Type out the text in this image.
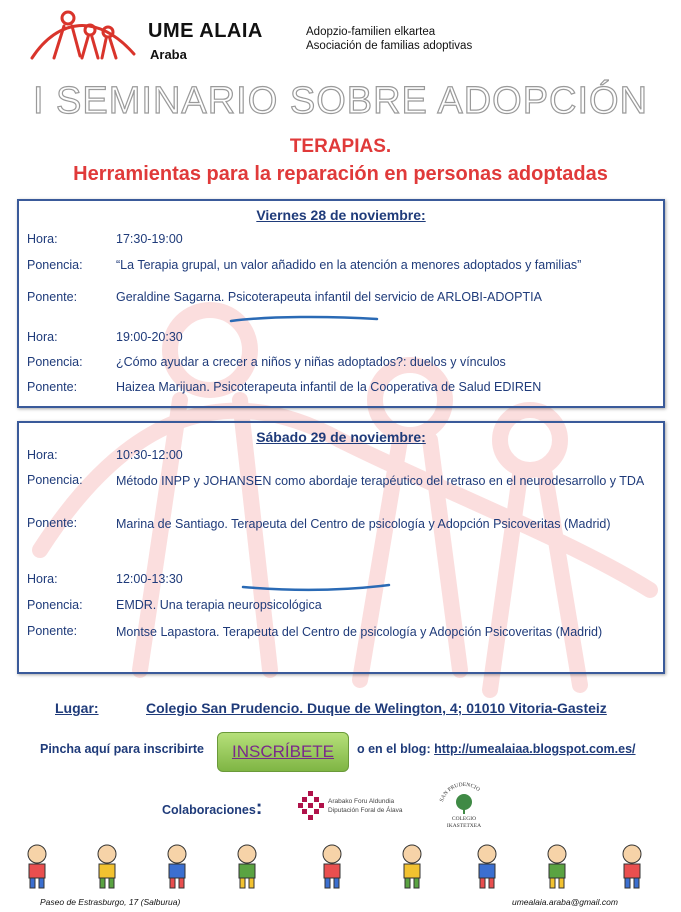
UME ALAIA
Araba
Adopzio-familien elkartea
Asociación de familias adoptivas
I SEMINARIO SOBRE ADOPCIÓN
TERAPIAS.
Herramientas para la reparación en personas adoptadas
Viernes 28 de noviembre:
Hora:	17:30-19:00
Ponencia:	“La Terapia grupal, un valor añadido en la atención a menores adoptados y familias”
Ponente:	Geraldine Sagarna. Psicoterapeuta infantil del servicio de ARLOBI-ADOPTIA
Hora:	19:00-20:30
Ponencia:	¿Cómo ayudar a crecer a niños y niñas adoptados?: duelos y vínculos
Ponente:	Haizea Marijuan. Psicoterapeuta infantil de la Cooperativa de Salud EDIREN
Sábado 29 de noviembre:
Hora:	10:30-12:00
Ponencia:	Método INPP y JOHANSEN como abordaje terapéutico del retraso en el neurodesarrollo y TDA
Ponente:	Marina de Santiago. Terapeuta del Centro de psicología y Adopción Psicoveritas (Madrid)
Hora:	12:00-13:30
Ponencia:	EMDR. Una terapia neuropsicológica
Ponente:	Montse Lapastora. Terapeuta del Centro de psicología y Adopción Psicoveritas (Madrid)
Lugar:	Colegio San Prudencio. Duque de Welington, 4; 01010 Vitoria-Gasteiz
Pincha aquí para inscribirte	INSCRÍBETE	o en el blog: http://umealaiaa.blogspot.com.es/
Colaboraciones:	Arabako Foru Aldundia
Diputación Foral de Álava
SAN PRUDENCIO
COLEGIO
IKASTETXEA
Paseo de Estrasburgo, 17 (Salburua)	umealaia.araba@gmail.com
